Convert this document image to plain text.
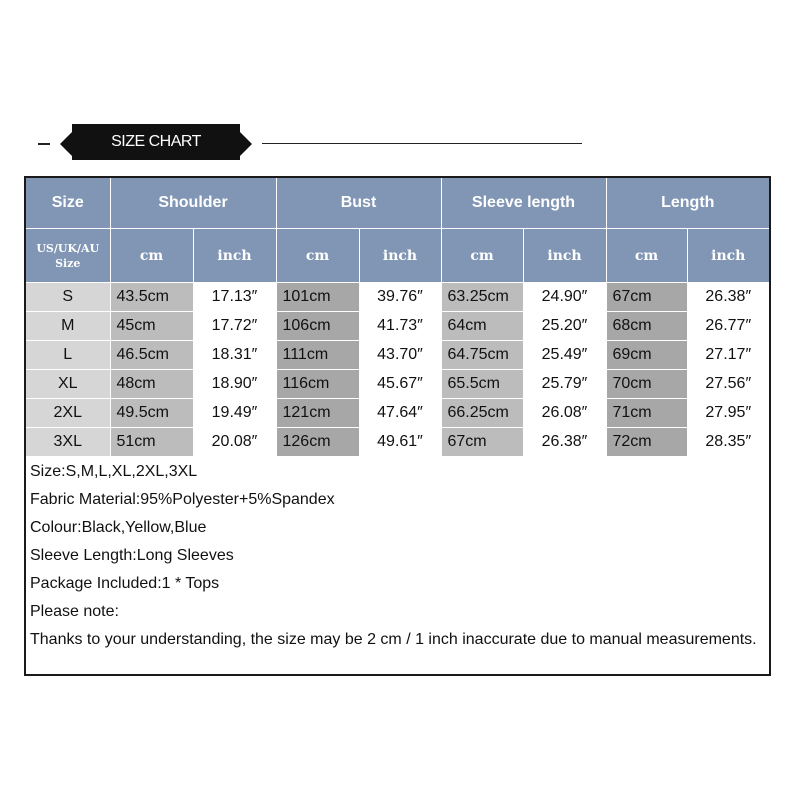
SIZE CHART
Size	Shoulder		Bust		Sleeve length		Length	
US/UK/AU
Size	cm	inch	cm	inch	cm	inch	cm	inch
S	43.5cm	17.13″	101cm	39.76″	63.25cm	24.90″	67cm	26.38″
M	45cm	17.72″	106cm	41.73″	64cm	25.20″	68cm	26.77″
L	46.5cm	18.31″	111cm	43.70″	64.75cm	25.49″	69cm	27.17″
XL	48cm	18.90″	116cm	45.67″	65.5cm	25.79″	70cm	27.56″
2XL	49.5cm	19.49″	121cm	47.64″	66.25cm	26.08″	71cm	27.95″
3XL	51cm	20.08″	126cm	49.61″	67cm	26.38″	72cm	28.35″
Size:S,M,L,XL,2XL,3XL
Fabric Material:95%Polyester+5%Spandex
Colour:Black,Yellow,Blue
Sleeve Length:Long Sleeves
Package Included:1 * Tops
Please note:
Thanks to your understanding, the size may be 2 cm / 1 inch inaccurate due to manual measurements.
